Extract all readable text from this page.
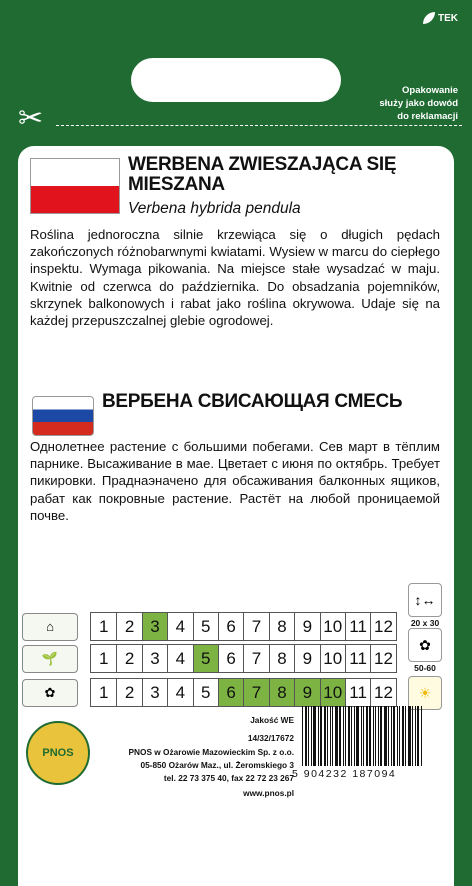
TEK
✂
Opakowanie
służy jako dowód
do reklamacji
WERBENA ZWIESZAJĄCA SIĘ MIESZANA
Verbena hybrida pendula
Roślina jednoroczna silnie krzewiąca się o długich pędach zakończonych różnobarwnymi kwiatami. Wysiew w marcu do ciepłego inspektu. Wymaga pikowania. Na miejsce stałe wysadzać w maju. Kwitnie od czerwca do października. Do obsadzania pojemników, skrzynek balkonowych i rabat jako roślina okrywowa. Udaje się na każdej przepuszczalnej glebie ogrodowej.
ВЕРБЕНА СВИСАЮЩАЯ СМЕСЬ
Однолетнее растение с большими побегами. Сев март в тёплим парнике. Высаживание в мае. Цветает с июня по октябрь. Требует пикировки. Праднаэначено для обсаживания балконных ящиков, рабат как покровные растение. Растёт на любой проницаемой почве.
⌂	1 2 3 4 5 6 7 8 9 10 11 12
🌱	1 2 3 4 5 6 7 8 9 10 11 12
✿	1 2 3 4 5 6 7 8 9 10 11 12
↕↔
20 x 30
✿
50-60
☀
PNOS
Jakość WE
14/32/17672
PNOS w Ożarowie Mazowieckim Sp. z o.o.
05-850 Ożarów Maz., ul. Żeromskiego 3
tel. 22 73 375 40, fax 22 72 23 267
www.pnos.pl
5 904232 187094
